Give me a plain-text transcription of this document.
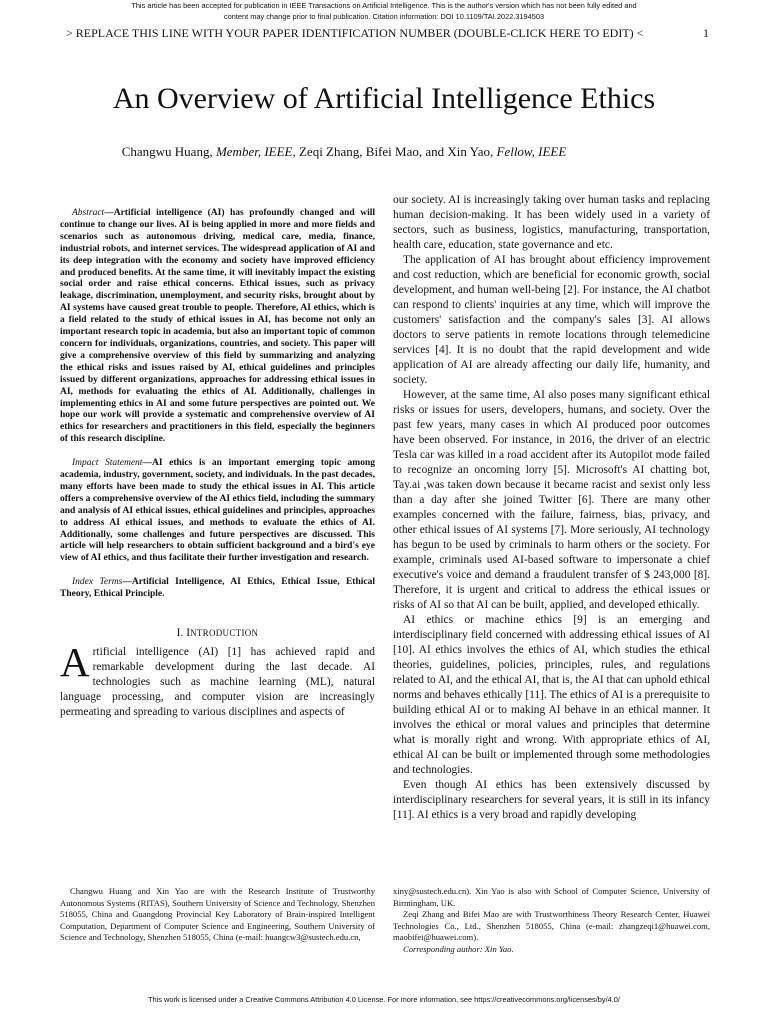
This article has been accepted for publication in IEEE Transactions on Artificial Intelligence. This is the author's version which has not been fully edited and
content may change prior to final publication. Citation information: DOI 10.1109/TAI.2022.3194503
> REPLACE THIS LINE WITH YOUR PAPER IDENTIFICATION NUMBER (DOUBLE-CLICK HERE TO EDIT) <	1
An Overview of Artificial Intelligence Ethics
Changwu Huang, Member, IEEE, Zeqi Zhang, Bifei Mao, and Xin Yao, Fellow, IEEE

Abstract—Artificial intelligence (AI) has profoundly changed and will continue to change our lives. AI is being applied in more and more fields and scenarios such as autonomous driving, medical care, media, finance, industrial robots, and internet services. The widespread application of AI and its deep integration with the economy and society have improved efficiency and produced benefits. At the same time, it will inevitably impact the existing social order and raise ethical concerns. Ethical issues, such as privacy leakage, discrimination, unemployment, and security risks, brought about by AI systems have caused great trouble to people. Therefore, AI ethics, which is a field related to the study of ethical issues in AI, has become not only an important research topic in academia, but also an important topic of common concern for individuals, organizations, countries, and society. This paper will give a comprehensive overview of this field by summarizing and analyzing the ethical risks and issues raised by AI, ethical guidelines and principles issued by different organizations, approaches for addressing ethical issues in AI, methods for evaluating the ethics of AI. Additionally, challenges in implementing ethics in AI and some future perspectives are pointed out. We hope our work will provide a systematic and comprehensive overview of AI ethics for researchers and practitioners in this field, especially the beginners of this research discipline.

Impact Statement—AI ethics is an important emerging topic among academia, industry, government, society, and individuals. In the past decades, many efforts have been made to study the ethical issues in AI. This article offers a comprehensive overview of the AI ethics field, including the summary and analysis of AI ethical issues, ethical guidelines and principles, approaches to address AI ethical issues, and methods to evaluate the ethics of AI. Additionally, some challenges and future perspectives are discussed. This article will help researchers to obtain sufficient background and a bird's eye view of AI ethics, and thus facilitate their further investigation and research.

Index Terms—Artificial Intelligence, AI Ethics, Ethical Issue, Ethical Theory, Ethical Principle.

I. INTRODUCTION

Artificial intelligence (AI) [1] has achieved rapid and remarkable development during the last decade. AI technologies such as machine learning (ML), natural language processing, and computer vision are increasingly permeating and spreading to various disciplines and aspects of

our society. AI is increasingly taking over human tasks and replacing human decision-making. It has been widely used in a variety of sectors, such as business, logistics, manufacturing, transportation, health care, education, state governance and etc.

The application of AI has brought about efficiency improvement and cost reduction, which are beneficial for economic growth, social development, and human well-being [2]. For instance, the AI chatbot can respond to clients' inquiries at any time, which will improve the customers' satisfaction and the company's sales [3]. AI allows doctors to serve patients in remote locations through telemedicine services [4]. It is no doubt that the rapid development and wide application of AI are already affecting our daily life, humanity, and society.

However, at the same time, AI also poses many significant ethical risks or issues for users, developers, humans, and society. Over the past few years, many cases in which AI produced poor outcomes have been observed. For instance, in 2016, the driver of an electric Tesla car was killed in a road accident after its Autopilot mode failed to recognize an oncoming lorry [5]. Microsoft's AI chatting bot, Tay.ai ,was taken down because it became racist and sexist only less than a day after she joined Twitter [6]. There are many other examples concerned with the failure, fairness, bias, privacy, and other ethical issues of AI systems [7]. More seriously, AI technology has begun to be used by criminals to harm others or the society. For example, criminals used AI-based software to impersonate a chief executive's voice and demand a fraudulent transfer of $ 243,000 [8]. Therefore, it is urgent and critical to address the ethical issues or risks of AI so that AI can be built, applied, and developed ethically.

AI ethics or machine ethics [9] is an emerging and interdisciplinary field concerned with addressing ethical issues of AI [10]. AI ethics involves the ethics of AI, which studies the ethical theories, guidelines, policies, principles, rules, and regulations related to AI, and the ethical AI, that is, the AI that can uphold ethical norms and behaves ethically [11]. The ethics of AI is a prerequisite to building ethical AI or to making AI behave in an ethical manner. It involves the ethical or moral values and principles that determine what is morally right and wrong. With appropriate ethics of AI, ethical AI can be built or implemented through some methodologies and technologies.

Even though AI ethics has been extensively discussed by interdisciplinary researchers for several years, it is still in its infancy [11]. AI ethics is a very broad and rapidly developing

Changwu Huang and Xin Yao are with the Research Institute of Trustworthy Autonomous Systems (RITAS), Southern University of Science and Technology, Shenzhen 518055, China and Guangdong Provincial Key Laboratory of Brain-inspired Intelligent Computation, Department of Computer Science and Engineering, Southern University of Science and Technology, Shenzhen 518055, China (e-mail: huangcw3@sustech.edu.cn,

xiny@sustech.edu.cn). Xin Yao is also with School of Computer Science, University of Birmingham, UK.

Zeqi Zhang and Bifei Mao are with Trustworthiness Theory Research Center, Huawei Technologies Co., Ltd., Shenzhen 518055, China (e-mail: zhangzeqi1@huawei.com, maobifei@huawei.com).

Corresponding author: Xin Yao.

This work is licensed under a Creative Commons Attribution 4.0 License. For more information, see https://creativecommons.org/licenses/by/4.0/
